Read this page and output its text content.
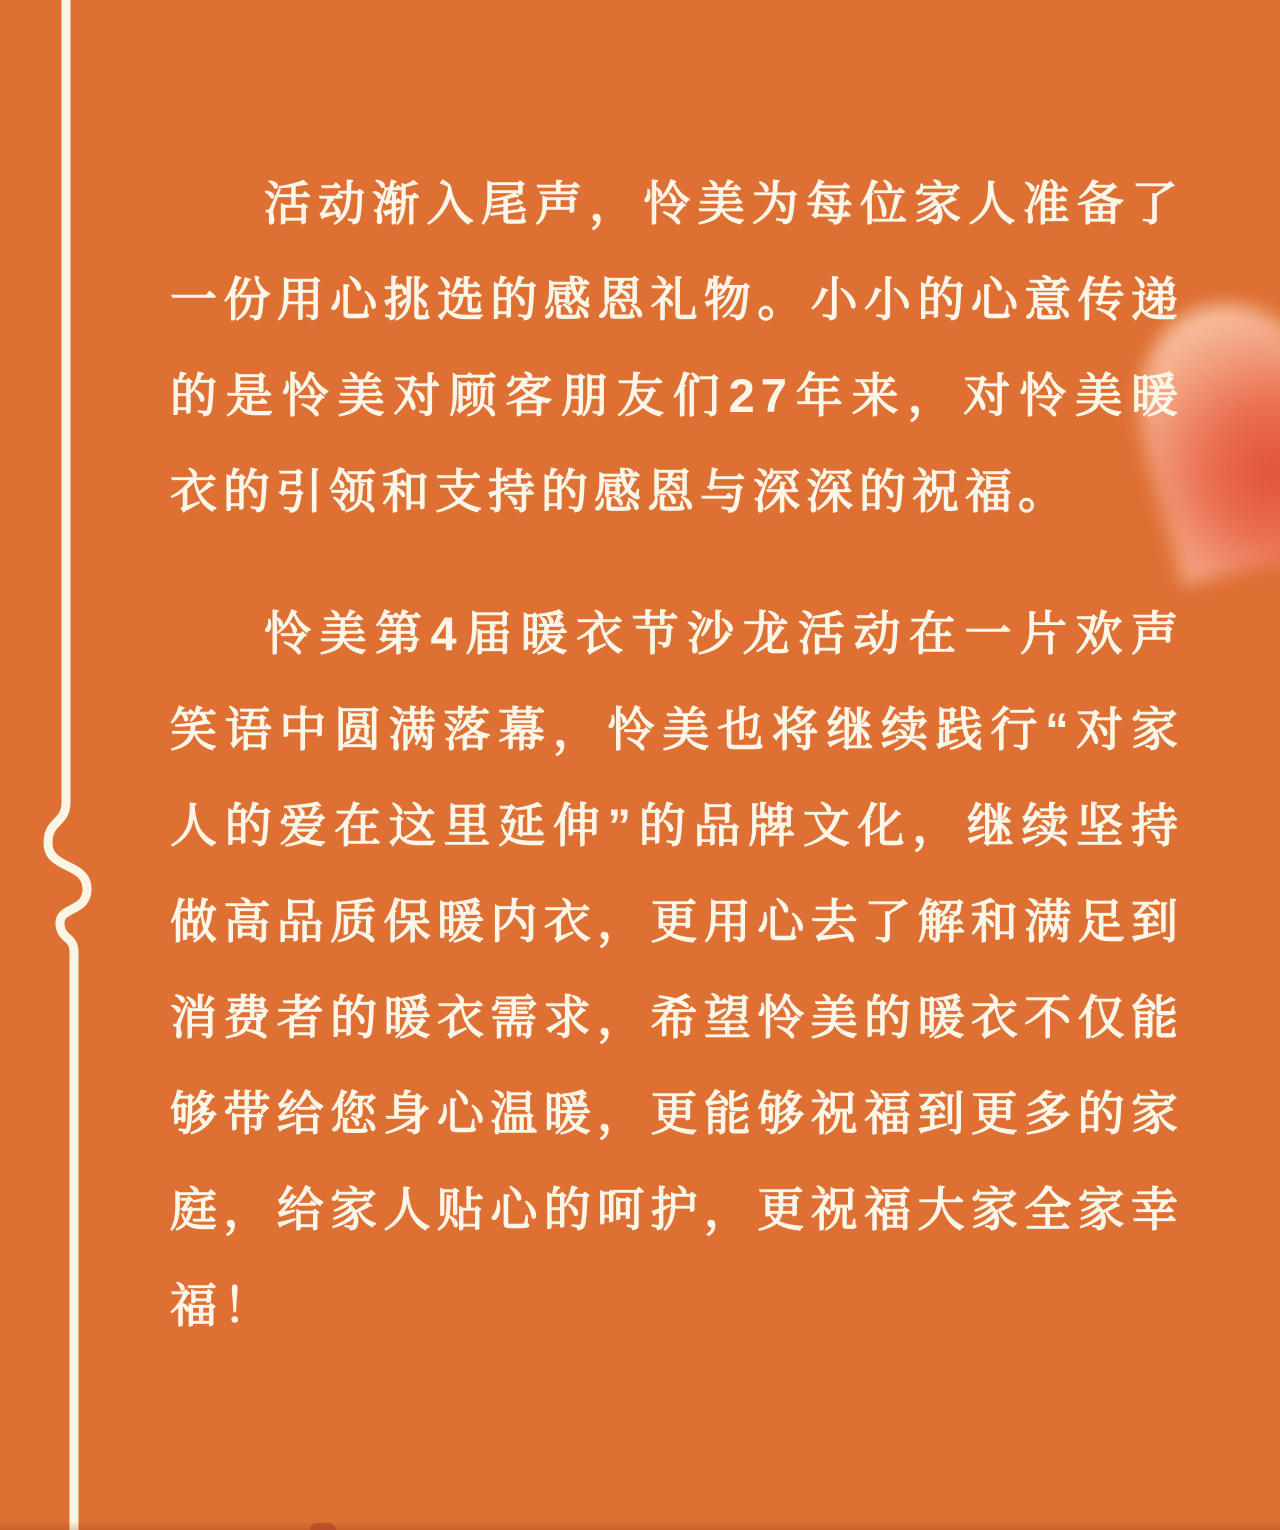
活动渐入尾声，怜美为每位家人准备了一份用心挑选的感恩礼物。小小的心意传递的是怜美对顾客朋友们27年来，对怜美暖衣的引领和支持的感恩与深深的祝福。

怜美第4届暖衣节沙龙活动在一片欢声笑语中圆满落幕，怜美也将继续践行“对家人的爱在这里延伸”的品牌文化，继续坚持做高品质保暖内衣，更用心去了解和满足到消费者的暖衣需求，希望怜美的暖衣不仅能够带给您身心温暖，更能够祝福到更多的家庭，给家人贴心的呵护，更祝福大家全家幸福！
